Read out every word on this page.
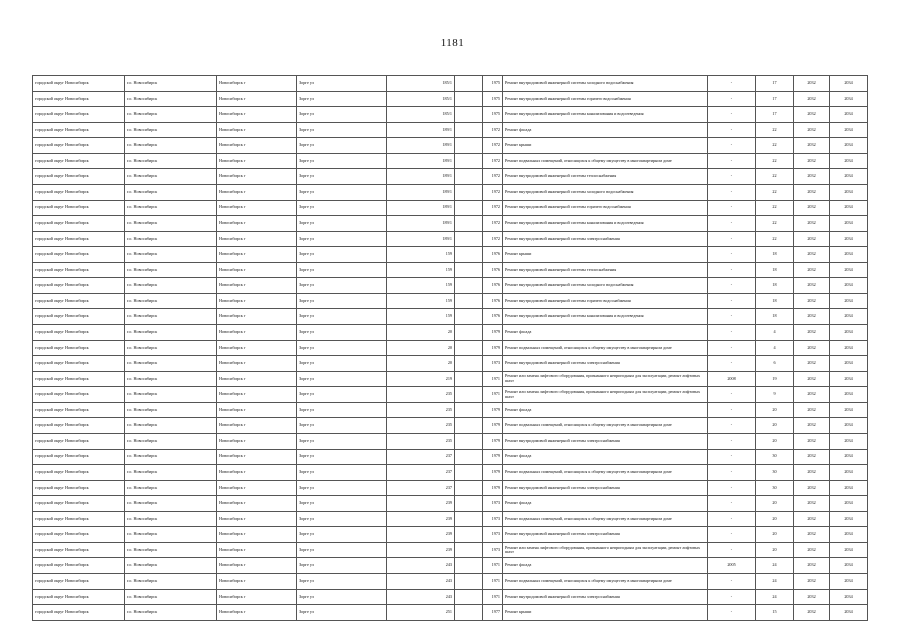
1181
городской округ Новосибирск	г.о. Новосибирск	Новосибирск г	Зорге ул	185/1		1975	Ремонт внутридомовой инженерной системы холодного водоснабжения	-	17	2032	2034
городской округ Новосибирск	г.о. Новосибирск	Новосибирск г	Зорге ул	185/1		1975	Ремонт внутридомовой инженерной системы горячего водоснабжения	-	17	2032	2034
городской округ Новосибирск	г.о. Новосибирск	Новосибирск г	Зорге ул	185/1		1975	Ремонт внутридомовой инженерной системы канализования и водоотведения	-	17	2032	2034
городской округ Новосибирск	г.о. Новосибирск	Новосибирск г	Зорге ул	189/1		1972	Ремонт фасада	-	22	2032	2034
городской округ Новосибирск	г.о. Новосибирск	Новосибирск г	Зорге ул	189/1		1972	Ремонт крыши	-	22	2032	2034
городской округ Новосибирск	г.о. Новосибирск	Новосибирск г	Зорге ул	189/1		1972	Ремонт подвальных помещений, относящихся к общему имуществу в многоквартирном доме	-	22	2032	2034
городской округ Новосибирск	г.о. Новосибирск	Новосибирск г	Зорге ул	189/1		1972	Ремонт внутридомовой инженерной системы теплоснабжения	-	22	2032	2034
городской округ Новосибирск	г.о. Новосибирск	Новосибирск г	Зорге ул	189/1		1972	Ремонт внутридомовой инженерной системы холодного водоснабжения	-	22	2032	2034
городской округ Новосибирск	г.о. Новосибирск	Новосибирск г	Зорге ул	189/1		1972	Ремонт внутридомовой инженерной системы горячего водоснабжения	-	22	2032	2034
городской округ Новосибирск	г.о. Новосибирск	Новосибирск г	Зорге ул	189/1		1972	Ремонт внутридомовой инженерной системы канализования и водоотведения	-	22	2032	2034
городской округ Новосибирск	г.о. Новосибирск	Новосибирск г	Зорге ул	189/1		1972	Ремонт внутридомовой инженерной системы электроснабжения	-	22	2032	2034
городской округ Новосибирск	г.о. Новосибирск	Новосибирск г	Зорге ул	159		1976	Ремонт крыши	-	18	2032	2034
городской округ Новосибирск	г.о. Новосибирск	Новосибирск г	Зорге ул	159		1976	Ремонт внутридомовой инженерной системы теплоснабжения	-	18	2032	2034
городской округ Новосибирск	г.о. Новосибирск	Новосибирск г	Зорге ул	159		1976	Ремонт внутридомовой инженерной системы холодного водоснабжения	-	18	2032	2034
городской округ Новосибирск	г.о. Новосибирск	Новосибирск г	Зорге ул	159		1976	Ремонт внутридомовой инженерной системы горячего водоснабжения	-	18	2032	2034
городской округ Новосибирск	г.о. Новосибирск	Новосибирск г	Зорге ул	159		1976	Ремонт внутридомовой инженерной системы канализования и водоотведения	-	18	2032	2034
городской округ Новосибирск	г.о. Новосибирск	Новосибирск г	Зорге ул	20		1979	Ремонт фасада	-	4	2032	2034
городской округ Новосибирск	г.о. Новосибирск	Новосибирск г	Зорге ул	20		1979	Ремонт подвальных помещений, относящихся к общему имуществу в многоквартирном доме	-	4	2032	2034
городской округ Новосибирск	г.о. Новосибирск	Новосибирск г	Зорге ул	20		1973	Ремонт внутридомовой инженерной системы электроснабжения	-	6	2032	2034
городской округ Новосибирск	г.о. Новосибирск	Новосибирск г	Зорге ул	219		1971	Ремонт или замена лифтового оборудования, признанного непригодным для эксплуатации, ремонт лифтовых шахт	2008	19	2032	2034
городской округ Новосибирск	г.о. Новосибирск	Новосибирск г	Зорге ул	235		1971	Ремонт или замена лифтового оборудования, признанного непригодным для эксплуатации, ремонт лифтовых шахт	-	9	2032	2034
городской округ Новосибирск	г.о. Новосибирск	Новосибирск г	Зорге ул	235		1979	Ремонт фасада	-	20	2032	2034
городской округ Новосибирск	г.о. Новосибирск	Новосибирск г	Зорге ул	235		1979	Ремонт подвальных помещений, относящихся к общему имуществу в многоквартирном доме	-	20	2032	2034
городской округ Новосибирск	г.о. Новосибирск	Новосибирск г	Зорге ул	235		1979	Ремонт внутридомовой инженерной системы электроснабжения	-	20	2032	2034
городской округ Новосибирск	г.о. Новосибирск	Новосибирск г	Зорге ул	237		1979	Ремонт фасада	-	30	2032	2034
городской округ Новосибирск	г.о. Новосибирск	Новосибирск г	Зорге ул	237		1979	Ремонт подвальных помещений, относящихся к общему имуществу в многоквартирном доме	-	30	2032	2034
городской округ Новосибирск	г.о. Новосибирск	Новосибирск г	Зорге ул	237		1979	Ремонт внутридомовой инженерной системы электроснабжения	-	30	2032	2034
городской округ Новосибирск	г.о. Новосибирск	Новосибирск г	Зорге ул	239		1973	Ремонт фасада	-	20	2032	2034
городской округ Новосибирск	г.о. Новосибирск	Новосибирск г	Зорге ул	239		1973	Ремонт подвальных помещений, относящихся к общему имуществу в многоквартирном доме	-	20	2032	2034
городской округ Новосибирск	г.о. Новосибирск	Новосибирск г	Зорге ул	239		1973	Ремонт внутридомовой инженерной системы электроснабжения	-	20	2032	2034
городской округ Новосибирск	г.о. Новосибирск	Новосибирск г	Зорге ул	239		1973	Ремонт или замена лифтового оборудования, признанного непригодным для эксплуатации, ремонт лифтовых шахт	-	20	2032	2034
городской округ Новосибирск	г.о. Новосибирск	Новосибирск г	Зорге ул	243		1971	Ремонт фасада	2005	24	2032	2034
городской округ Новосибирск	г.о. Новосибирск	Новосибирск г	Зорге ул	243		1971	Ремонт подвальных помещений, относящихся к общему имуществу в многоквартирном доме	-	24	2032	2034
городской округ Новосибирск	г.о. Новосибирск	Новосибирск г	Зорге ул	243		1971	Ремонт внутридомовой инженерной системы электроснабжения	-	24	2032	2034
городской округ Новосибирск	г.о. Новосибирск	Новосибирск г	Зорге ул	251		1977	Ремонт крыши	-	15	2032	2034
